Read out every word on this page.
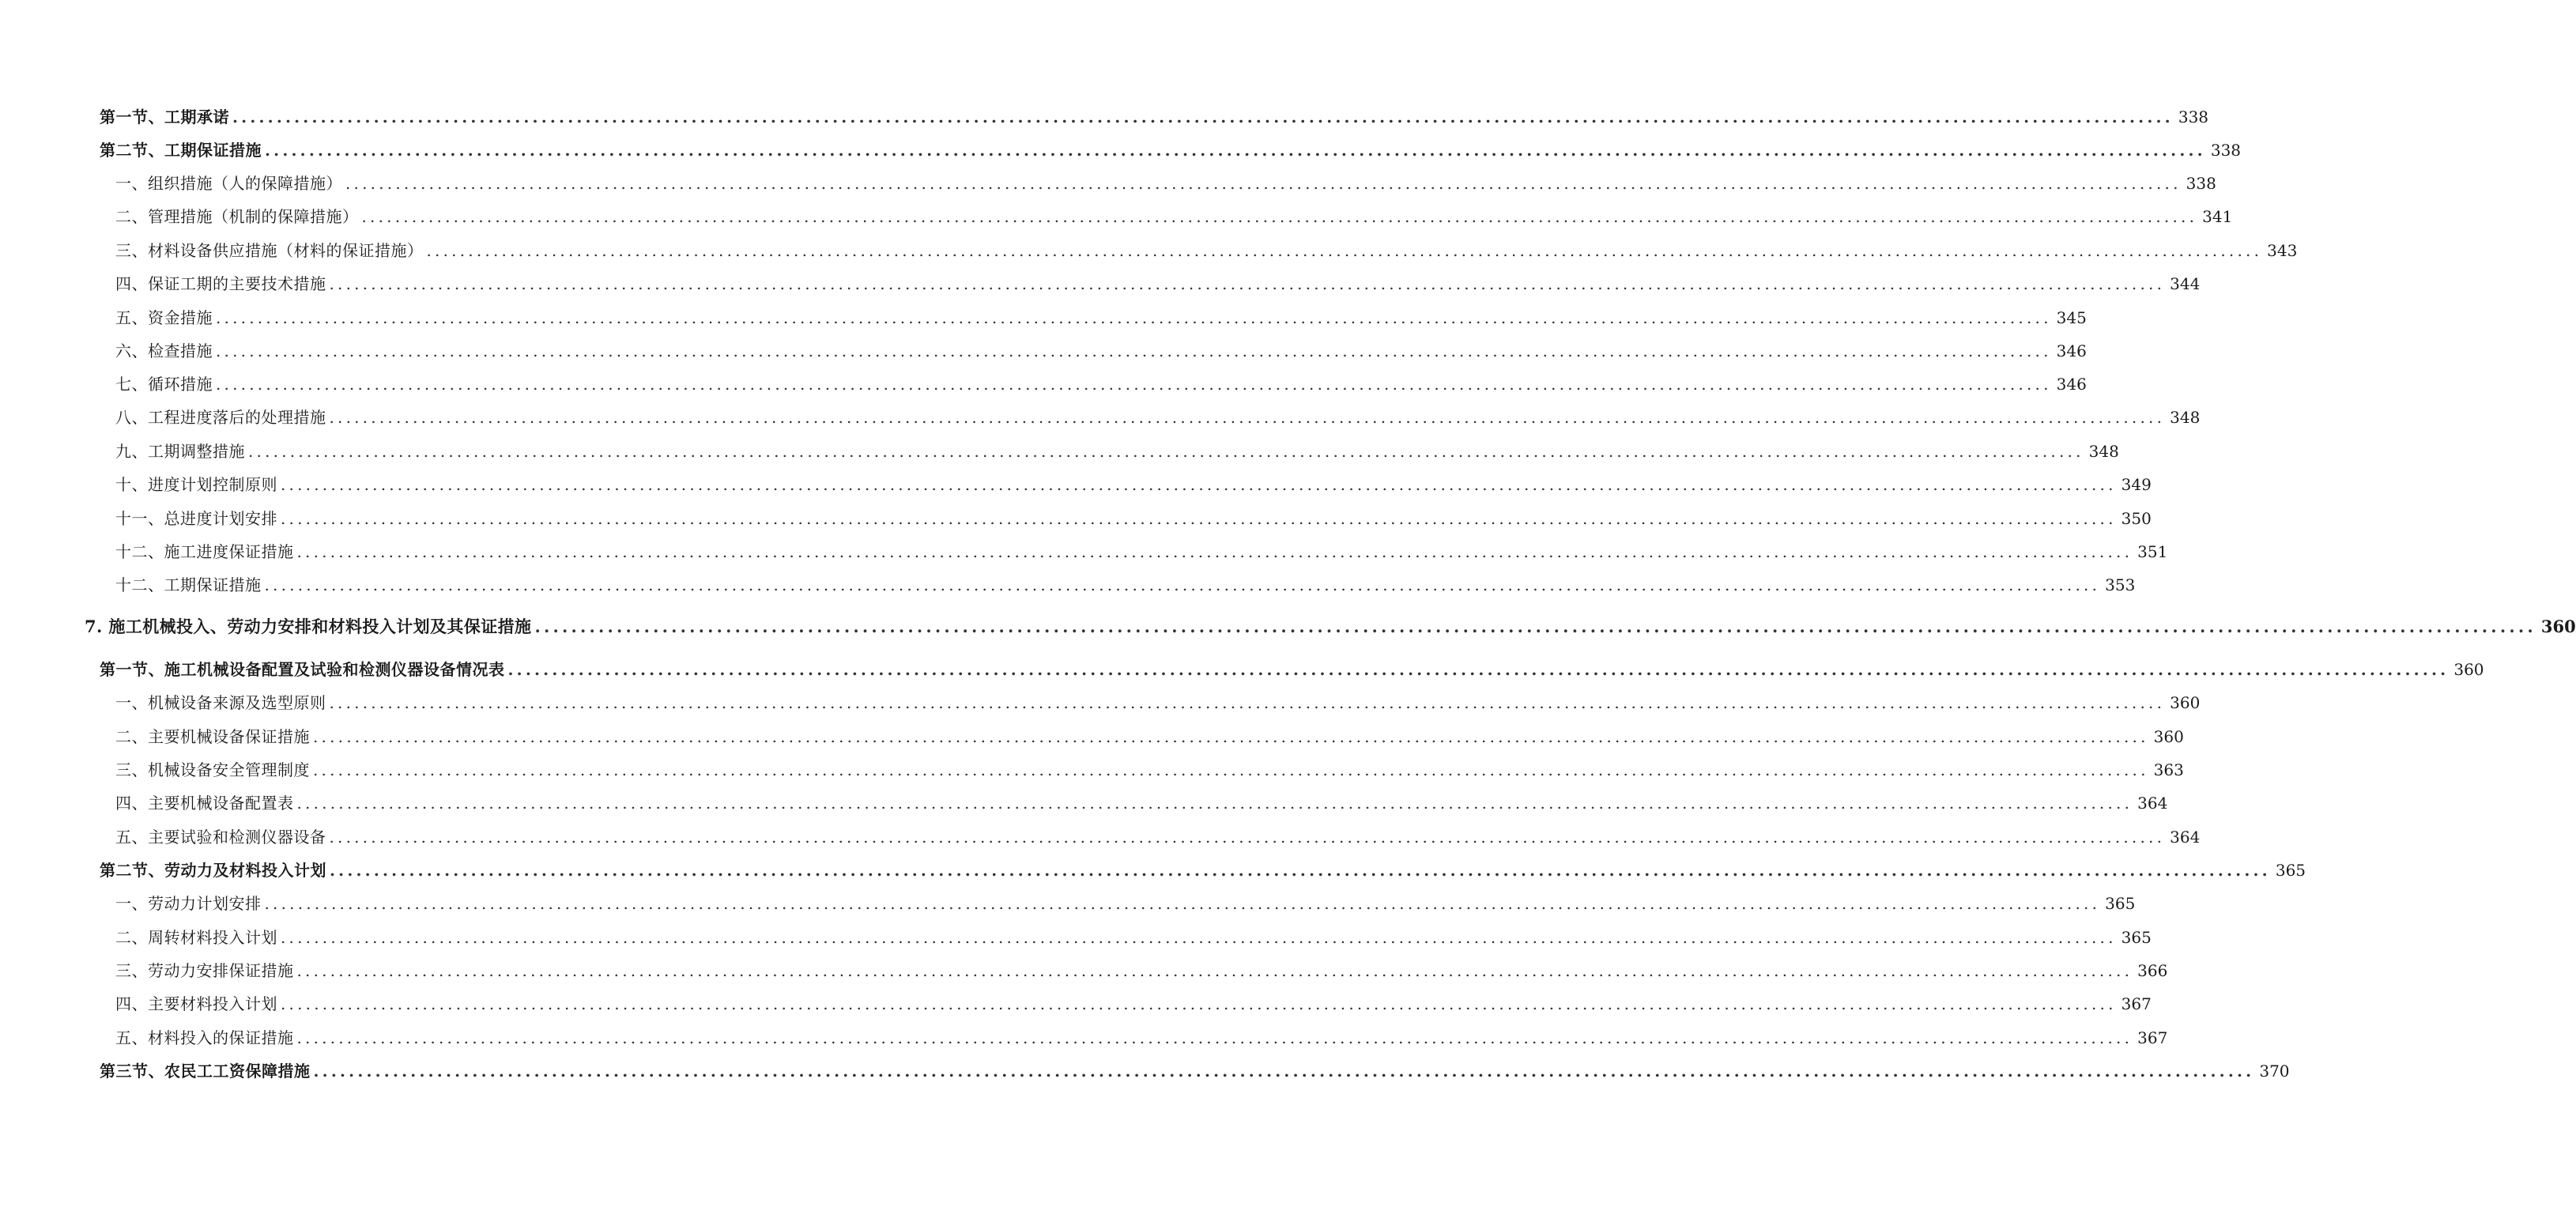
第一节、工期承诺 ............................................................................................................................................................................................................................ 338
第二节、工期保证措施 ............................................................................................................................................................................................................................ 338
一、组织措施（人的保障措施） ............................................................................................................................................................................................................................ 338
二、管理措施（机制的保障措施） ............................................................................................................................................................................................................................ 341
三、材料设备供应措施（材料的保证措施） ............................................................................................................................................................................................................................ 343
四、保证工期的主要技术措施 ............................................................................................................................................................................................................................ 344
五、资金措施 ............................................................................................................................................................................................................................ 345
六、检查措施 ............................................................................................................................................................................................................................ 346
七、循环措施 ............................................................................................................................................................................................................................ 346
八、工程进度落后的处理措施 ............................................................................................................................................................................................................................ 348
九、工期调整措施 ............................................................................................................................................................................................................................ 348
十、进度计划控制原则 ............................................................................................................................................................................................................................ 349
十一、总进度计划安排 ............................................................................................................................................................................................................................ 350
十二、施工进度保证措施 ............................................................................................................................................................................................................................ 351
十二、工期保证措施 ............................................................................................................................................................................................................................ 353
7. 施工机械投入、劳动力安排和材料投入计划及其保证措施 ............................................................................................................................................................................................................................ 360
第一节、施工机械设备配置及试验和检测仪器设备情况表 ............................................................................................................................................................................................................................ 360
一、机械设备来源及选型原则 ............................................................................................................................................................................................................................ 360
二、主要机械设备保证措施 ............................................................................................................................................................................................................................ 360
三、机械设备安全管理制度 ............................................................................................................................................................................................................................ 363
四、主要机械设备配置表 ............................................................................................................................................................................................................................ 364
五、主要试验和检测仪器设备 ............................................................................................................................................................................................................................ 364
第二节、劳动力及材料投入计划 ............................................................................................................................................................................................................................ 365
一、劳动力计划安排 ............................................................................................................................................................................................................................ 365
二、周转材料投入计划 ............................................................................................................................................................................................................................ 365
三、劳动力安排保证措施 ............................................................................................................................................................................................................................ 366
四、主要材料投入计划 ............................................................................................................................................................................................................................ 367
五、材料投入的保证措施 ............................................................................................................................................................................................................................ 367
第三节、农民工工资保障措施 ............................................................................................................................................................................................................................ 370
